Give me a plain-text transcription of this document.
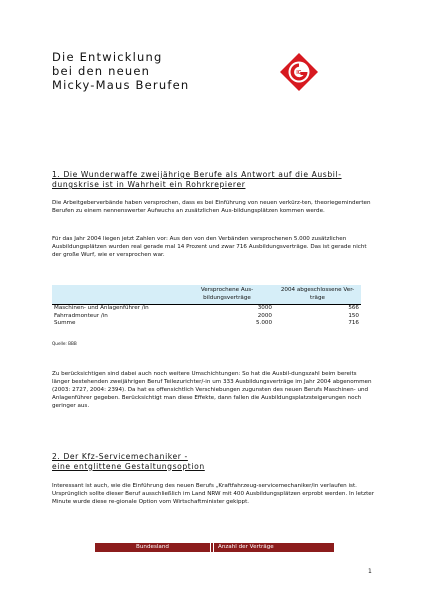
Die Entwicklung
bei den neuen
Micky-Maus Berufen
IG
1. Die Wunderwaffe zweijährige Berufe als Antwort auf die Ausbil-dungskrise ist in Wahrheit ein Rohrkrepierer
Die Arbeitgeberverbände haben versprochen, dass es bei Einführung von neuen verkürz-ten, theoriegeminderten Berufen zu einem nennenswerter Aufwuchs an zusätzlichen Aus-bildungsplätzen kommen werde.
Für das Jahr 2004 liegen jetzt Zahlen vor: Aus den von den Verbänden versprochenen 5.000 zusätzlichen Ausbildungsplätzen wurden real gerade mal 14 Prozent und zwar 716 Ausbildungsverträge. Das ist gerade nicht der große Wurf, wie er versprochen war.
	Versprochene Aus-bildungsverträge	2004 abgeschlossene Ver-träge
Maschinen- und Anlagenführer /in	3000	566
Fahrradmonteur /in	2000	150
Summe	5.000	716
Quelle: BBB
Zu berücksichtigen sind dabei auch noch weitere Umschichtungen: So hat die Ausbil-dungszahl beim bereits länger bestehenden zweijährigen Beruf Teilezurichter/-in um 333 Ausbildungsverträge im Jahr 2004 abgenommen (2003: 2727, 2004: 2394). Da hat es offensichtlich Verschiebungen zugunsten des neuen Berufs Maschinen- und Anlagenführer gegeben. Berücksichtigt man diese Effekte, dann fallen die Ausbildungsplatzsteigerungen noch geringer aus.
2. Der Kfz-Servicemechaniker -
eine entglittene Gestaltungsoption
Interessant ist auch, wie die Einführung des neuen Berufs „Kraftfahrzeug-servicemechaniker/in verlaufen ist. Ursprünglich sollte dieser Beruf ausschließlich im Land NRW mit 400 Ausbildungsplätzen erprobt werden. In letzter Minute wurde diese re-gionale Option vom Wirtschaftminister gekippt.
Bundesland	Anzahl der Verträge
1
